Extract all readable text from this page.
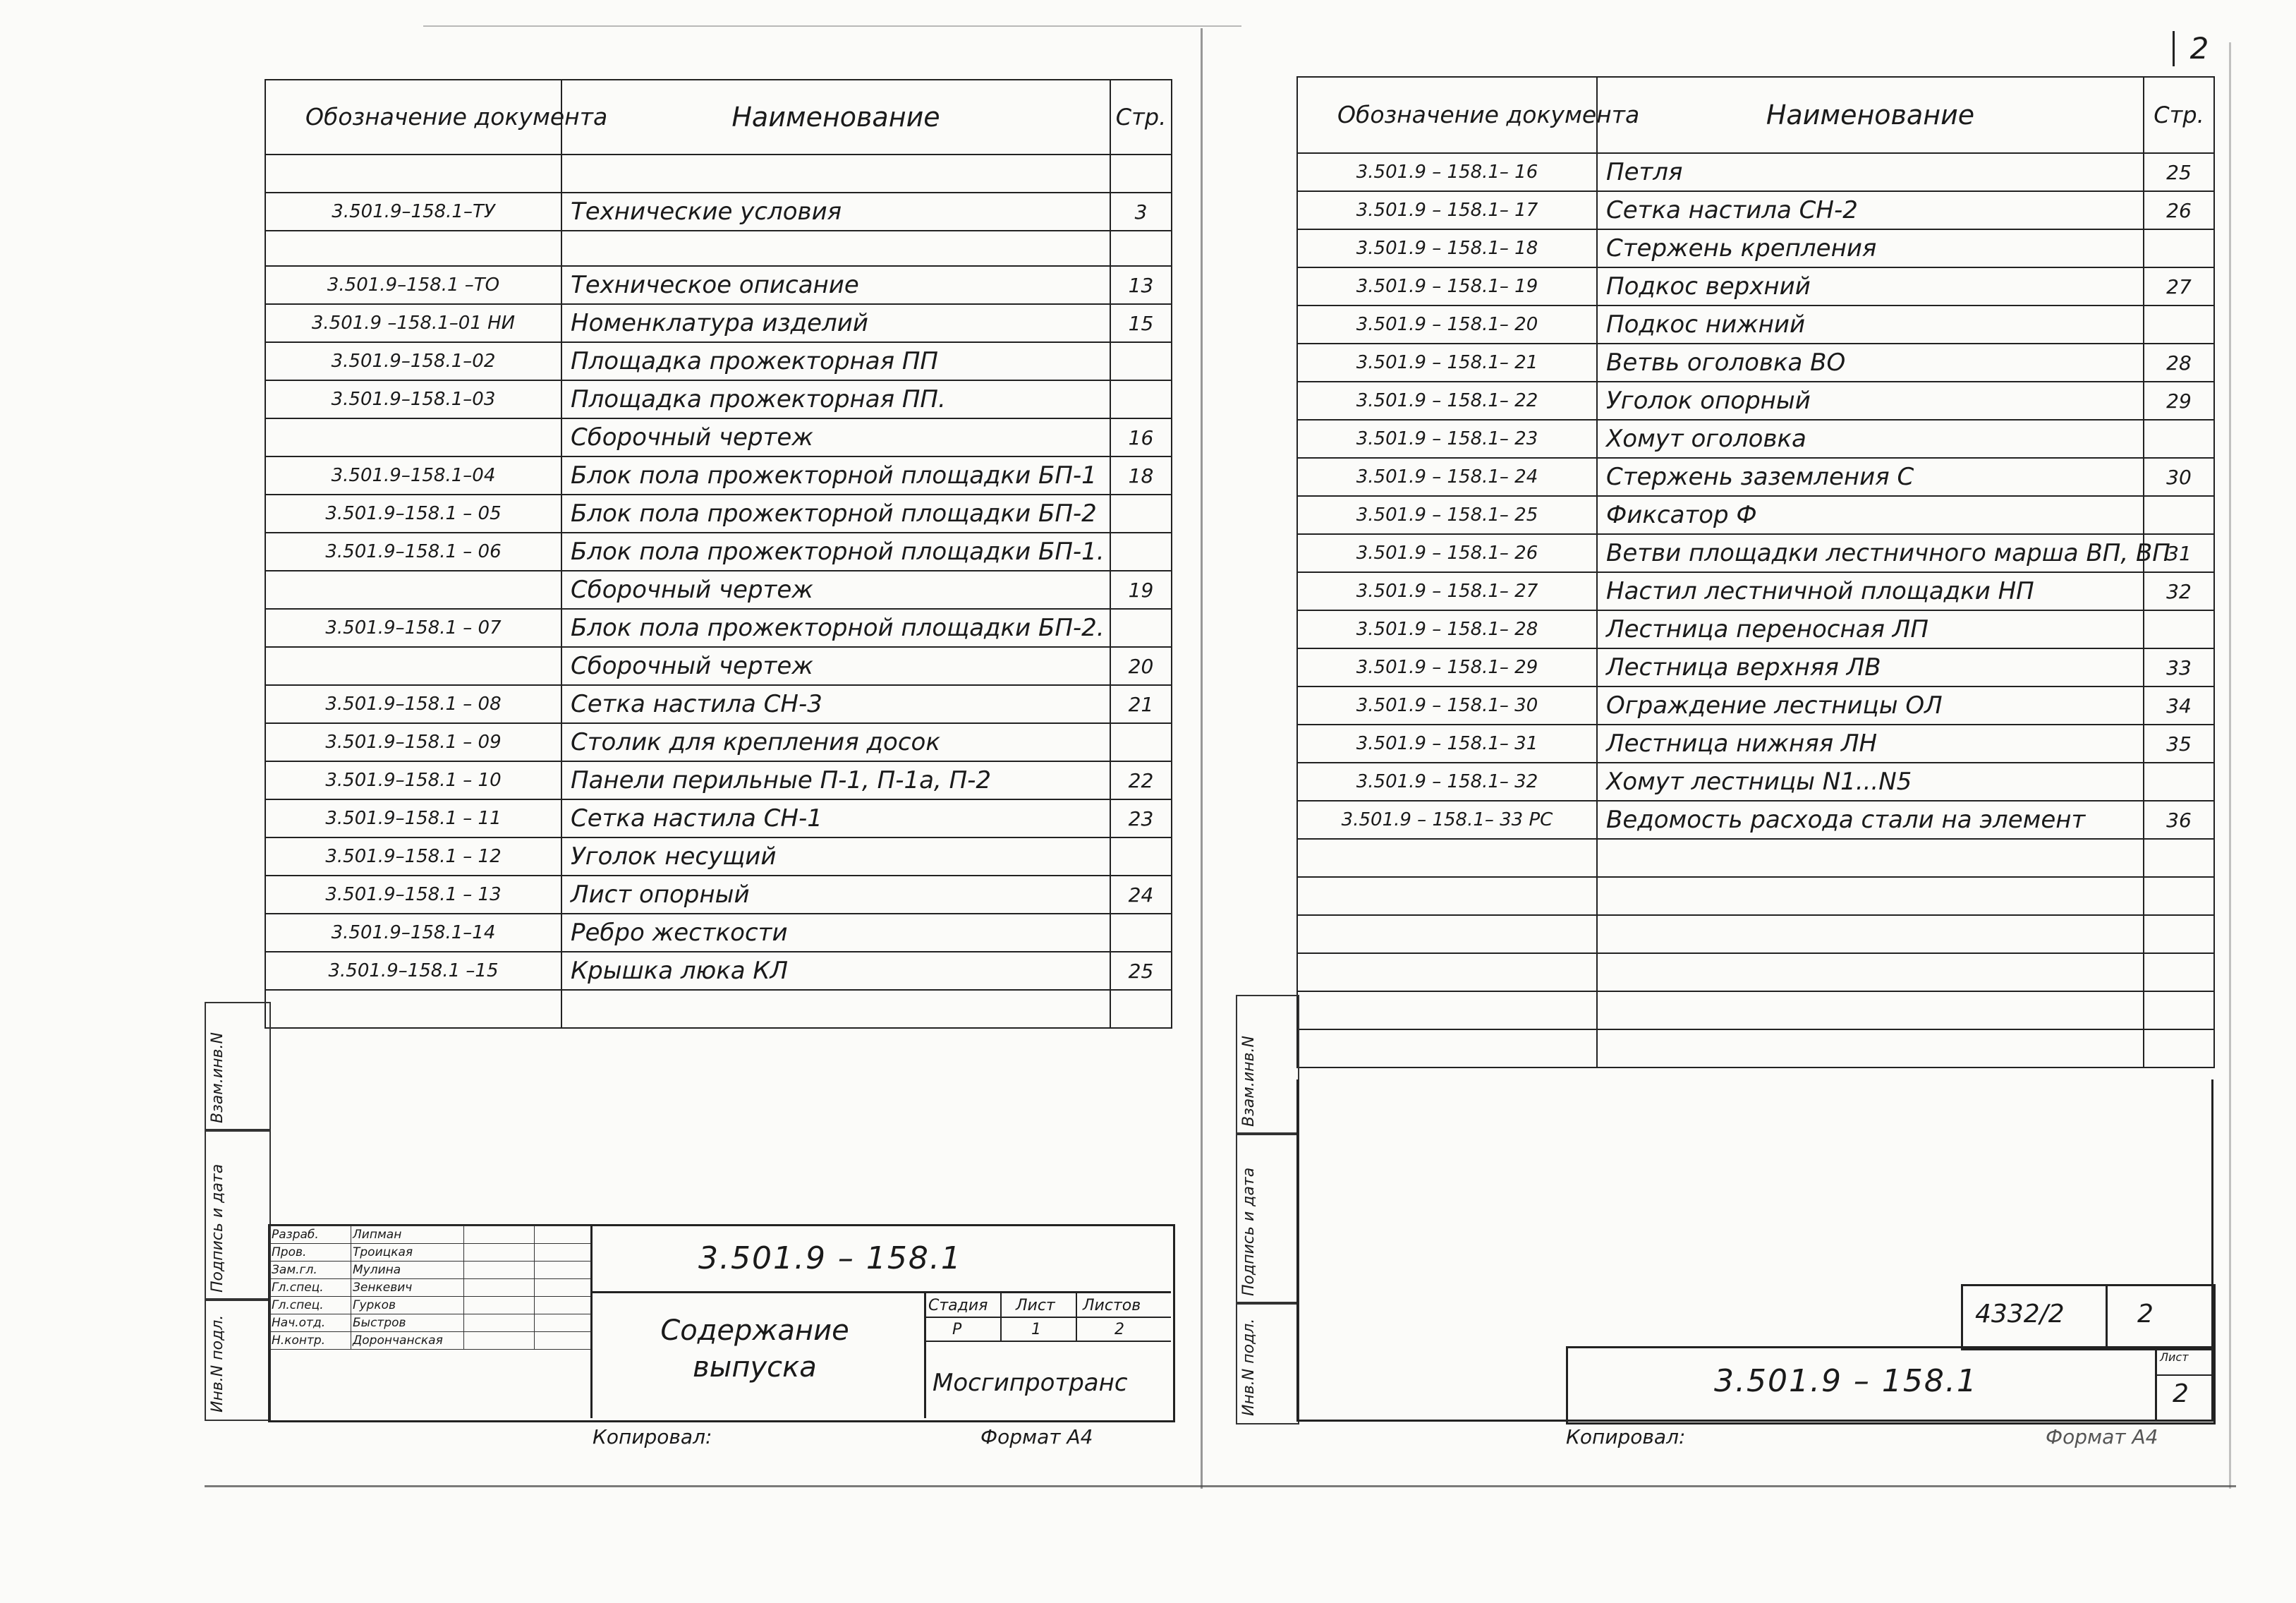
2
Обозначение документа	Наименование	Стр.

3.501.9–158.1–ТУ	Технические условия	3

3.501.9–158.1 –ТО	Техническое описание	13
3.501.9 –158.1–01 НИ	Номенклатура изделий	15
3.501.9–158.1–02	Площадка прожекторная ПП	
3.501.9–158.1–03	Площадка прожекторная ПП.	
	Сборочный чертеж	16
3.501.9–158.1–04	Блок пола прожекторной площадки БП-1	18
3.501.9–158.1 – 05	Блок пола прожекторной площадки БП-2	
3.501.9–158.1 – 06	Блок пола прожекторной площадки БП-1.	
	Сборочный чертеж	19
3.501.9–158.1 – 07	Блок пола прожекторной площадки БП-2.	
	Сборочный чертеж	20
3.501.9–158.1 – 08	Сетка настила СН-3	21
3.501.9–158.1 – 09	Столик для крепления досок	
3.501.9–158.1 – 10	Панели перильные П-1, П-1а, П-2	22
3.501.9–158.1 – 11	Сетка настила СН-1	23
3.501.9–158.1 – 12	Уголок несущий	
3.501.9–158.1 – 13	Лист опорный	24
3.501.9–158.1–14	Ребро жесткости	
3.501.9–158.1 –15	Крышка люка КЛ	25

Взам.инв.N
Подпись и дата
Инв.N подл.
Разраб.	Липман		
Пров.	Троицкая		
Зам.гл.	Мулина		
Гл.спец.	Зенкевич		
Гл.спец.	Гурков		
Нач.отд.	Быстров		
Н.контр.	Дорончанская		
3.501.9 – 158.1
Содержание выпуска
Стадия Лист Листов
Р	1	2
Мосгипротранс
Копировал:	Формат А4
Обозначение документа	Наименование	Стр.
3.501.9 – 158.1– 16	Петля	25
3.501.9 – 158.1– 17	Сетка настила СН-2	26
3.501.9 – 158.1– 18	Стержень крепления	
3.501.9 – 158.1– 19	Подкос верхний	27
3.501.9 – 158.1– 20	Подкос нижний	
3.501.9 – 158.1– 21	Ветвь оголовка ВО	28
3.501.9 – 158.1– 22	Уголок опорный	29
3.501.9 – 158.1– 23	Хомут оголовка	
3.501.9 – 158.1– 24	Стержень заземления С	30
3.501.9 – 158.1– 25	Фиксатор Ф	
3.501.9 – 158.1– 26	Ветви площадки лестничного марша ВП, ВП	31
3.501.9 – 158.1– 27	Настил лестничной площадки НП	32
3.501.9 – 158.1– 28	Лестница переносная ЛП	
3.501.9 – 158.1– 29	Лестница верхняя ЛВ	33
3.501.9 – 158.1– 30	Ограждение лестницы ОЛ	34
3.501.9 – 158.1– 31	Лестница нижняя ЛН	35
3.501.9 – 158.1– 32	Хомут лестницы N1...N5	
3.501.9 – 158.1– 33 РС	Ведомость расхода стали на элемент	36

Взам.инв.N
Подпись и дата
Инв.N подл.
4332/2	2
3.501.9 – 158.1
Лист
2
Копировал:	Формат А4
